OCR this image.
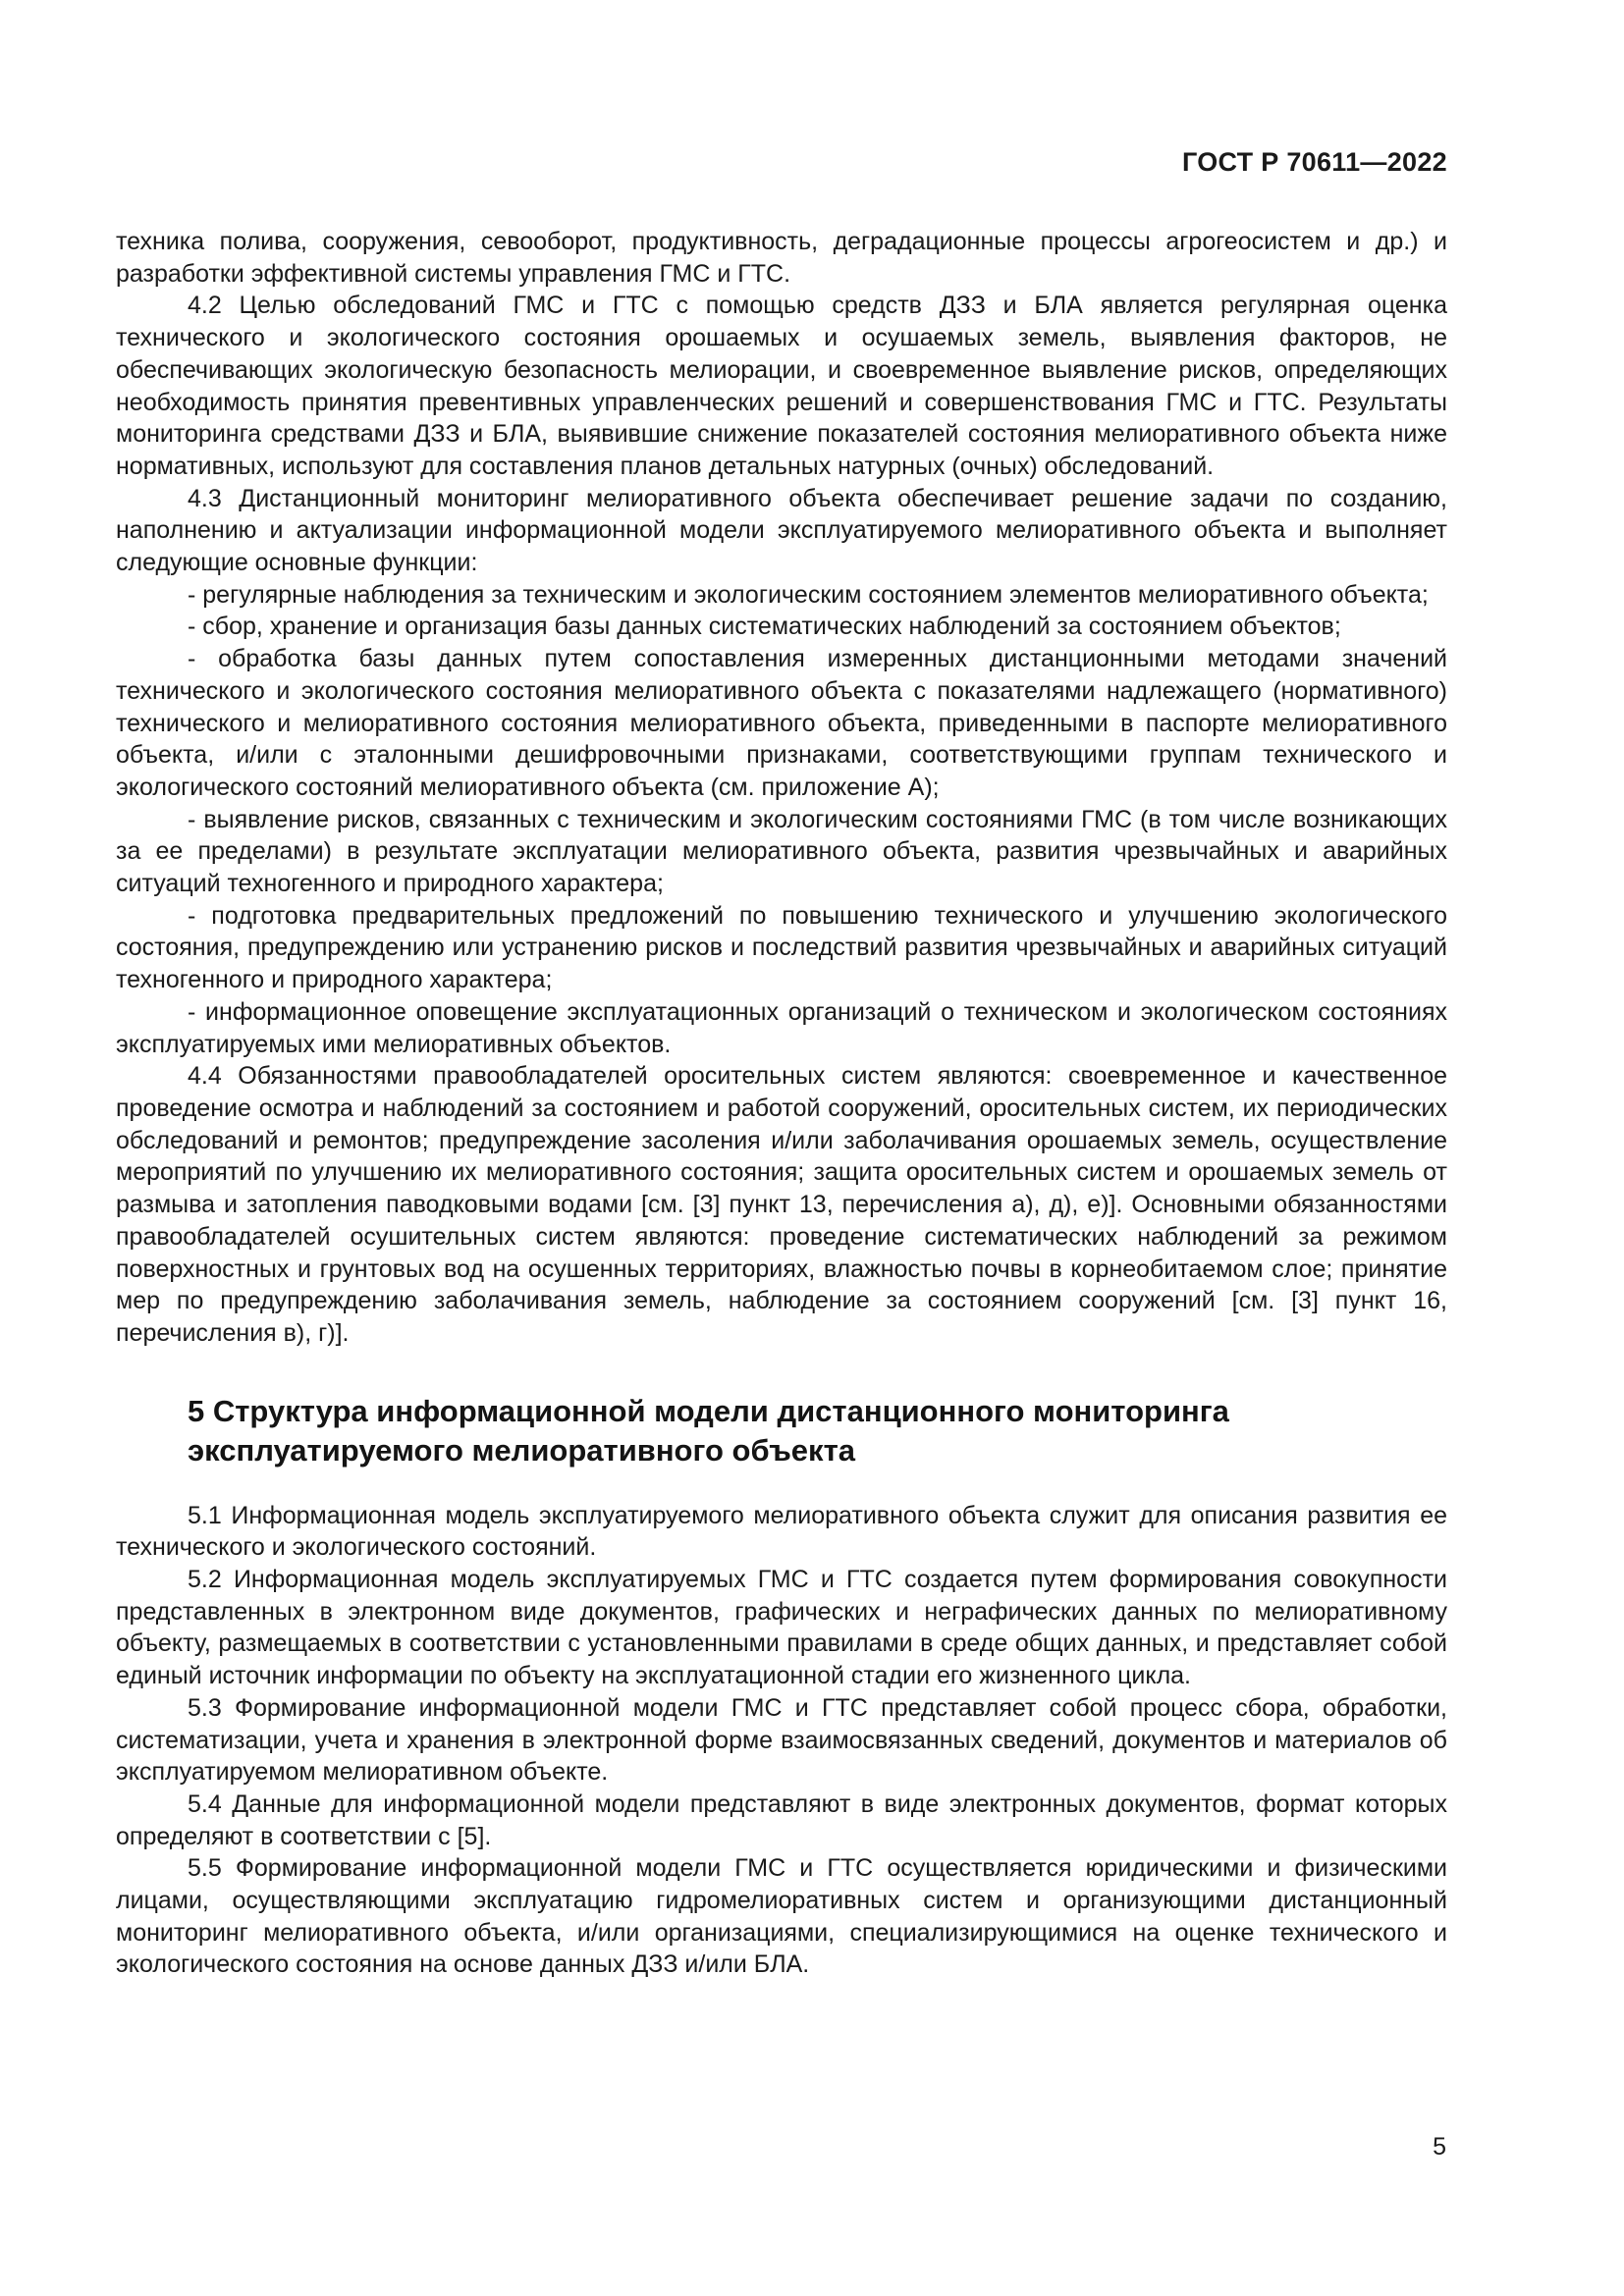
ГОСТ Р 70611—2022

техника полива, сооружения, севооборот, продуктивность, деградационные процессы агрогеосистем и др.) и разработки эффективной системы управления ГМС и ГТС.

4.2 Целью обследований ГМС и ГТС с помощью средств ДЗЗ и БЛА является регулярная оценка технического и экологического состояния орошаемых и осушаемых земель, выявления факторов, не обеспечивающих экологическую безопасность мелиорации, и своевременное выявление рисков, определяющих необходимость принятия превентивных управленческих решений и совершенствования ГМС и ГТС. Результаты мониторинга средствами ДЗЗ и БЛА, выявившие снижение показателей состояния мелиоративного объекта ниже нормативных, используют для составления планов детальных натурных (очных) обследований.

4.3 Дистанционный мониторинг мелиоративного объекта обеспечивает решение задачи по созданию, наполнению и актуализации информационной модели эксплуатируемого мелиоративного объекта и выполняет следующие основные функции:

- регулярные наблюдения за техническим и экологическим состоянием элементов мелиоративного объекта;

- сбор, хранение и организация базы данных систематических наблюдений за состоянием объектов;

- обработка базы данных путем сопоставления измеренных дистанционными методами значений технического и экологического состояния мелиоративного объекта с показателями надлежащего (нормативного) технического и мелиоративного состояния мелиоративного объекта, приведенными в паспорте мелиоративного объекта, и/или с эталонными дешифровочными признаками, соответствующими группам технического и экологического состояний мелиоративного объекта (см. приложение А);

- выявление рисков, связанных с техническим и экологическим состояниями ГМС (в том числе возникающих за ее пределами) в результате эксплуатации мелиоративного объекта, развития чрезвычайных и аварийных ситуаций техногенного и природного характера;

- подготовка предварительных предложений по повышению технического и улучшению экологического состояния, предупреждению или устранению рисков и последствий развития чрезвычайных и аварийных ситуаций техногенного и природного характера;

- информационное оповещение эксплуатационных организаций о техническом и экологическом состояниях эксплуатируемых ими мелиоративных объектов.

4.4 Обязанностями правообладателей оросительных систем являются: своевременное и качественное проведение осмотра и наблюдений за состоянием и работой сооружений, оросительных систем, их периодических обследований и ремонтов; предупреждение засоления и/или заболачивания орошаемых земель, осуществление мероприятий по улучшению их мелиоративного состояния; защита оросительных систем и орошаемых земель от размыва и затопления паводковыми водами [см. [3] пункт 13, перечисления а), д), е)]. Основными обязанностями правообладателей осушительных систем являются: проведение систематических наблюдений за режимом поверхностных и грунтовых вод на осушенных территориях, влажностью почвы в корнеобитаемом слое; принятие мер по предупреждению заболачивания земель, наблюдение за состоянием сооружений [см. [3] пункт 16, перечисления в), г)].

5 Структура информационной модели дистанционного мониторинга
эксплуатируемого мелиоративного объекта

5.1 Информационная модель эксплуатируемого мелиоративного объекта служит для описания развития ее технического и экологического состояний.

5.2 Информационная модель эксплуатируемых ГМС и ГТС создается путем формирования совокупности представленных в электронном виде документов, графических и неграфических данных по мелиоративному объекту, размещаемых в соответствии с установленными правилами в среде общих данных, и представляет собой единый источник информации по объекту на эксплуатационной стадии его жизненного цикла.

5.3 Формирование информационной модели ГМС и ГТС представляет собой процесс сбора, обработки, систематизации, учета и хранения в электронной форме взаимосвязанных сведений, документов и материалов об эксплуатируемом мелиоративном объекте.

5.4 Данные для информационной модели представляют в виде электронных документов, формат которых определяют в соответствии с [5].

5.5 Формирование информационной модели ГМС и ГТС осуществляется юридическими и физическими лицами, осуществляющими эксплуатацию гидромелиоративных систем и организующими дистанционный мониторинг мелиоративного объекта, и/или организациями, специализирующимися на оценке технического и экологического состояния на основе данных ДЗЗ и/или БЛА.

5
